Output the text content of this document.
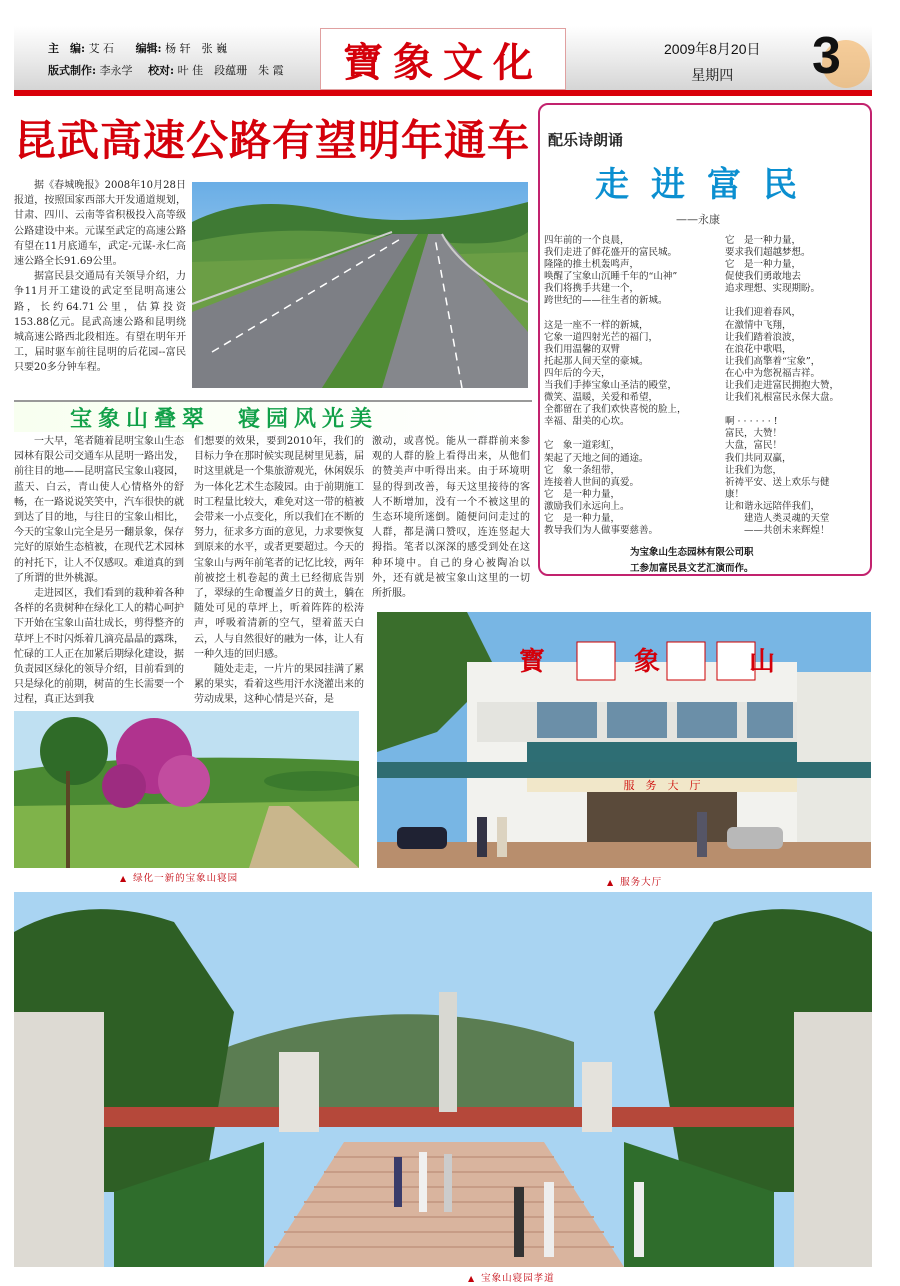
主　编: 艾 石 编辑: 杨 轩　张 巍
版式制作: 李永学 校对: 叶 佳　段蕴珊　朱 霞 寶象文化	2009年8月20日
星期四	3
昆武高速公路有望明年通车

据《春城晚报》2008年10月28日报道，按照国家西部大开发通道规划，甘肃、四川、云南等省积极投入高等级公路建设中来。元谋至武定的高速公路有望在11月底通车，武定-元谋-永仁高速公路全长91.69公里。

据富民县交通局有关领导介绍，力争11月开工建设的武定至昆明高速公路，长约64.71公里，估算投资153.88亿元。昆武高速公路和昆明绕城高速公路西北段相连。有望在明年开工，届时驱车前往昆明的后花园--富民只要20多分钟车程。

配乐诗朗诵
走进富民
——永康
四年前的一个良晨，
我们走进了鲜花盛开的富民城。
隆隆的推土机轰鸣声，
唤醒了宝象山沉睡千年的“山神”
我们将携手共建一个，
跨世纪的——往生者的新城。
这是一座不一样的新城，
它象一道四射光芒的福门，
我们用温馨的双臂
托起那人间天堂的豪城。
四年后的今天，
当我们手捧宝象山圣洁的殿堂，
微笑、温暖，关爱和希望，
全都留在了我们欢快喜悦的脸上，
幸福、甜美的心坎。
它　象一道彩虹，
架起了天地之间的通途。
它　象一条纽带，
连接着人世间的真爱。
它　是一种力量，
激励我们永远向上。
它　是一种力量，
教导我们为人做事要慈善。
它　是一种力量，
要求我们超越梦想。
它　是一种力量，
促使我们勇敢地去
追求理想、实现期盼。
让我们迎着春风，
在激情中飞翔，
让我们踏着浪波，
在浪花中歌唱，
让我们高擎着“宝象”，
在心中为您祝福吉祥。
让我们走进富民拥抱大赞，
让我们礼根富民永保大盘。
啊 · · · · · · !
富民，大赞！
大盘，富民！
我们共同双赢，
让我们为您，
祈祷平安、送上欢乐与健
康！
让和谐永远陪伴我们，
　　建造人类灵魂的天堂
　　——共创未来辉煌！
为宝象山生态园林有限公司职
工参加富民县文艺汇演而作。
宝象山叠翠　寝园风光美

一大早，笔者随着昆明宝象山生态园林有限公司交通车从昆明一路出发，前往目的地——昆明富民宝象山寝园，蓝天、白云，青山使人心情格外的舒畅，在一路说说笑笑中，汽车很快的就到达了目的地，与往日的宝象山相比，今天的宝象山完全是另一翻景象，保存完好的原始生态植被，在现代艺术园林的衬托下，让人不仅感叹。难道真的到了所谓的世外桃源。

走进园区，我们看到的栽种着各种各样的名贵树种在绿化工人的精心呵护下开始在宝象山苗壮成长，剪得整齐的草坪上不时闪烁着几滴亮晶晶的露珠，忙碌的工人正在加紧后期绿化建设，据负责园区绿化的领导介绍，目前看到的只是绿化的前期，树苗的生长需要一个过程，真正达到我

们想要的效果，要到2010年，我们的目标力争在那时候实现昆树里见蓊，届时这里就是一个集旅游观光，休闲娱乐为一体化艺术生态陵园。由于前期施工时工程量比较大，难免对这一带的植被会带来一小点变化，所以我们在不断的努力，征求多方面的意见，力求要恢复到原来的水平，或者更要超过。今天的宝象山与两年前笔者的记忆比较，两年前被挖土机卷起的黄土已经彻底告别了，翠绿的生命覆盖夕日的黄土，躺在随处可见的草坪上，听着阵阵的松涛声，呼吸着清新的空气，望着蓝天白云，人与自然很好的融为一体，让人有一种久违的回归感。

随处走走，一片片的果园挂满了累累的果实，看着这些用汗水浇灌出来的劳动成果，这种心情是兴奋，是

激动，或喜悦。能从一群群前来参观的人群的脸上看得出来，从他们的赞美声中听得出来。由于环境明显的得到改善，每天这里接待的客人不断增加，没有一个不被这里的生态环境所迷倒。随便问问走过的人群，都是满口赞叹，连连竖起大拇指。笔者以深深的感受到处在这种环境中。自己的身心被陶冶以外，还有就是被宝象山这里的一切所折服。

▲ 绿化一新的宝象山寝园
寳 象 山
服　务　大　厅
▲ 服务大厅
▲ 宝象山寝园孝道
